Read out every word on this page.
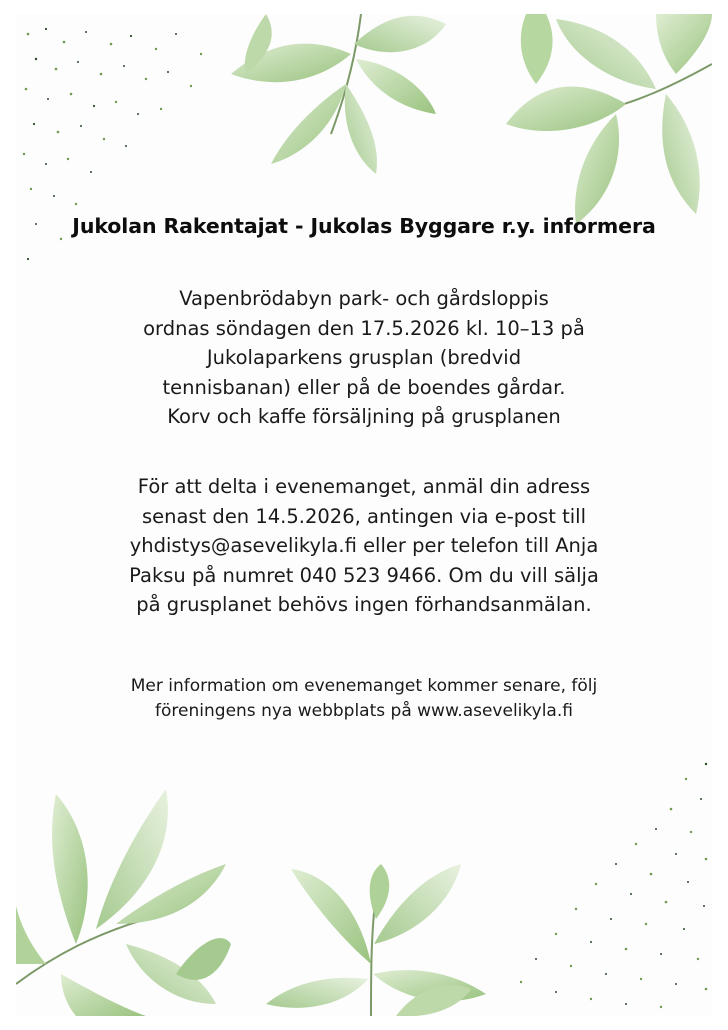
Jukolan Rakentajat - Jukolas Byggare r.y. informera
Vapenbrödabyn park- och gårdsloppis
ordnas söndagen den 17.5.2026 kl. 10–13 på
Jukolaparkens grusplan (bredvid
tennisbanan) eller på de boendes gårdar.
Korv och kaffe försäljning på grusplanen
För att delta i evenemanget, anmäl din adress
senast den 14.5.2026, antingen via e-post till
yhdistys@asevelikyla.fi eller per telefon till Anja
Paksu på numret 040 523 9466. Om du vill sälja
på grusplanet behövs ingen förhandsanmälan.
Mer information om evenemanget kommer senare, följ
föreningens nya webbplats på www.asevelikyla.fi
